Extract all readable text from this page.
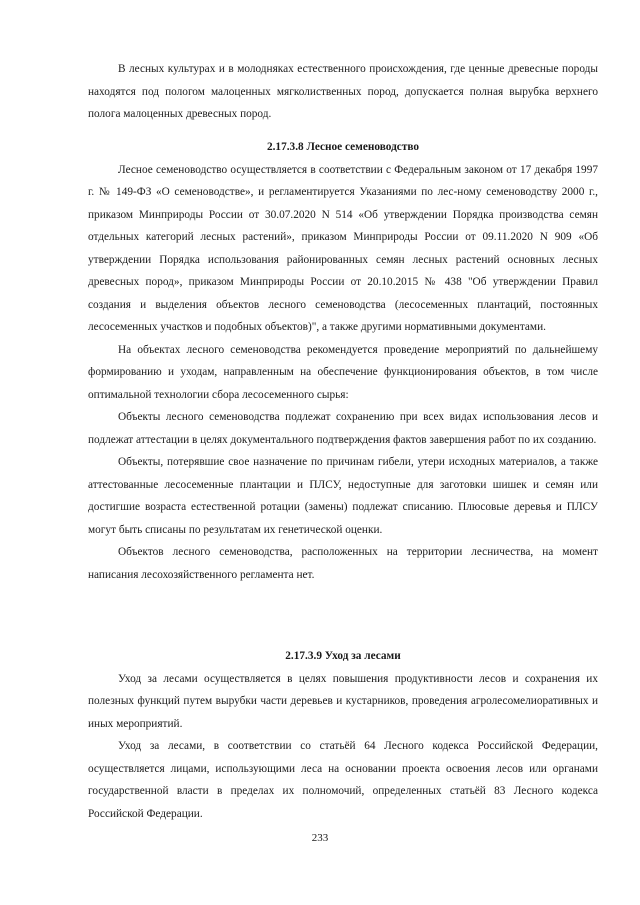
В лесных культурах и в молодняках естественного происхождения, где ценные древесные породы находятся под пологом малоценных мягколиственных пород, допускается полная вырубка верхнего полога малоценных древесных пород.

2.17.3.8 Лесное семеноводство

Лесное семеноводство осуществляется в соответствии с Федеральным законом от 17 декабря 1997 г. № 149-ФЗ «О семеноводстве», и регламентируется Указаниями по лес-ному семеноводству 2000 г., приказом Минприроды России от 30.07.2020 N 514 «Об утверждении Порядка производства семян отдельных категорий лесных растений», приказом Минприроды России от 09.11.2020 N 909 «Об утверждении Порядка использования районированных семян лесных растений основных лесных древесных пород», приказом Минприроды России от 20.10.2015 № 438 "Об утверждении Правил создания и выделения объектов лесного семеноводства (лесосеменных плантаций, постоянных лесосеменных участков и подобных объектов)", а также другими нормативными документами.

На объектах лесного семеноводства рекомендуется проведение мероприятий по дальнейшему формированию и уходам, направленным на обеспечение функционирования объектов, в том числе оптимальной технологии сбора лесосеменного сырья:

Объекты лесного семеноводства подлежат сохранению при всех видах использования лесов и подлежат аттестации в целях документального подтверждения фактов завершения работ по их созданию.

Объекты, потерявшие свое назначение по причинам гибели, утери исходных материалов, а также аттестованные лесосеменные плантации и ПЛСУ, недоступные для заготовки шишек и семян или достигшие возраста естественной ротации (замены) подлежат списанию. Плюсовые деревья и ПЛСУ могут быть списаны по результатам их генетической оценки.

Объектов лесного семеноводства, расположенных на территории лесничества, на момент написания лесохозяйственного регламента нет.

2.17.3.9 Уход за лесами

Уход за лесами осуществляется в целях повышения продуктивности лесов и сохранения их полезных функций путем вырубки части деревьев и кустарников, проведения агролесомелиоративных и иных мероприятий.

Уход за лесами, в соответствии со статьёй 64 Лесного кодекса Российской Федерации, осуществляется лицами, использующими леса на основании проекта освоения лесов или органами государственной власти в пределах их полномочий, определенных статьёй 83 Лесного кодекса Российской Федерации.

233
